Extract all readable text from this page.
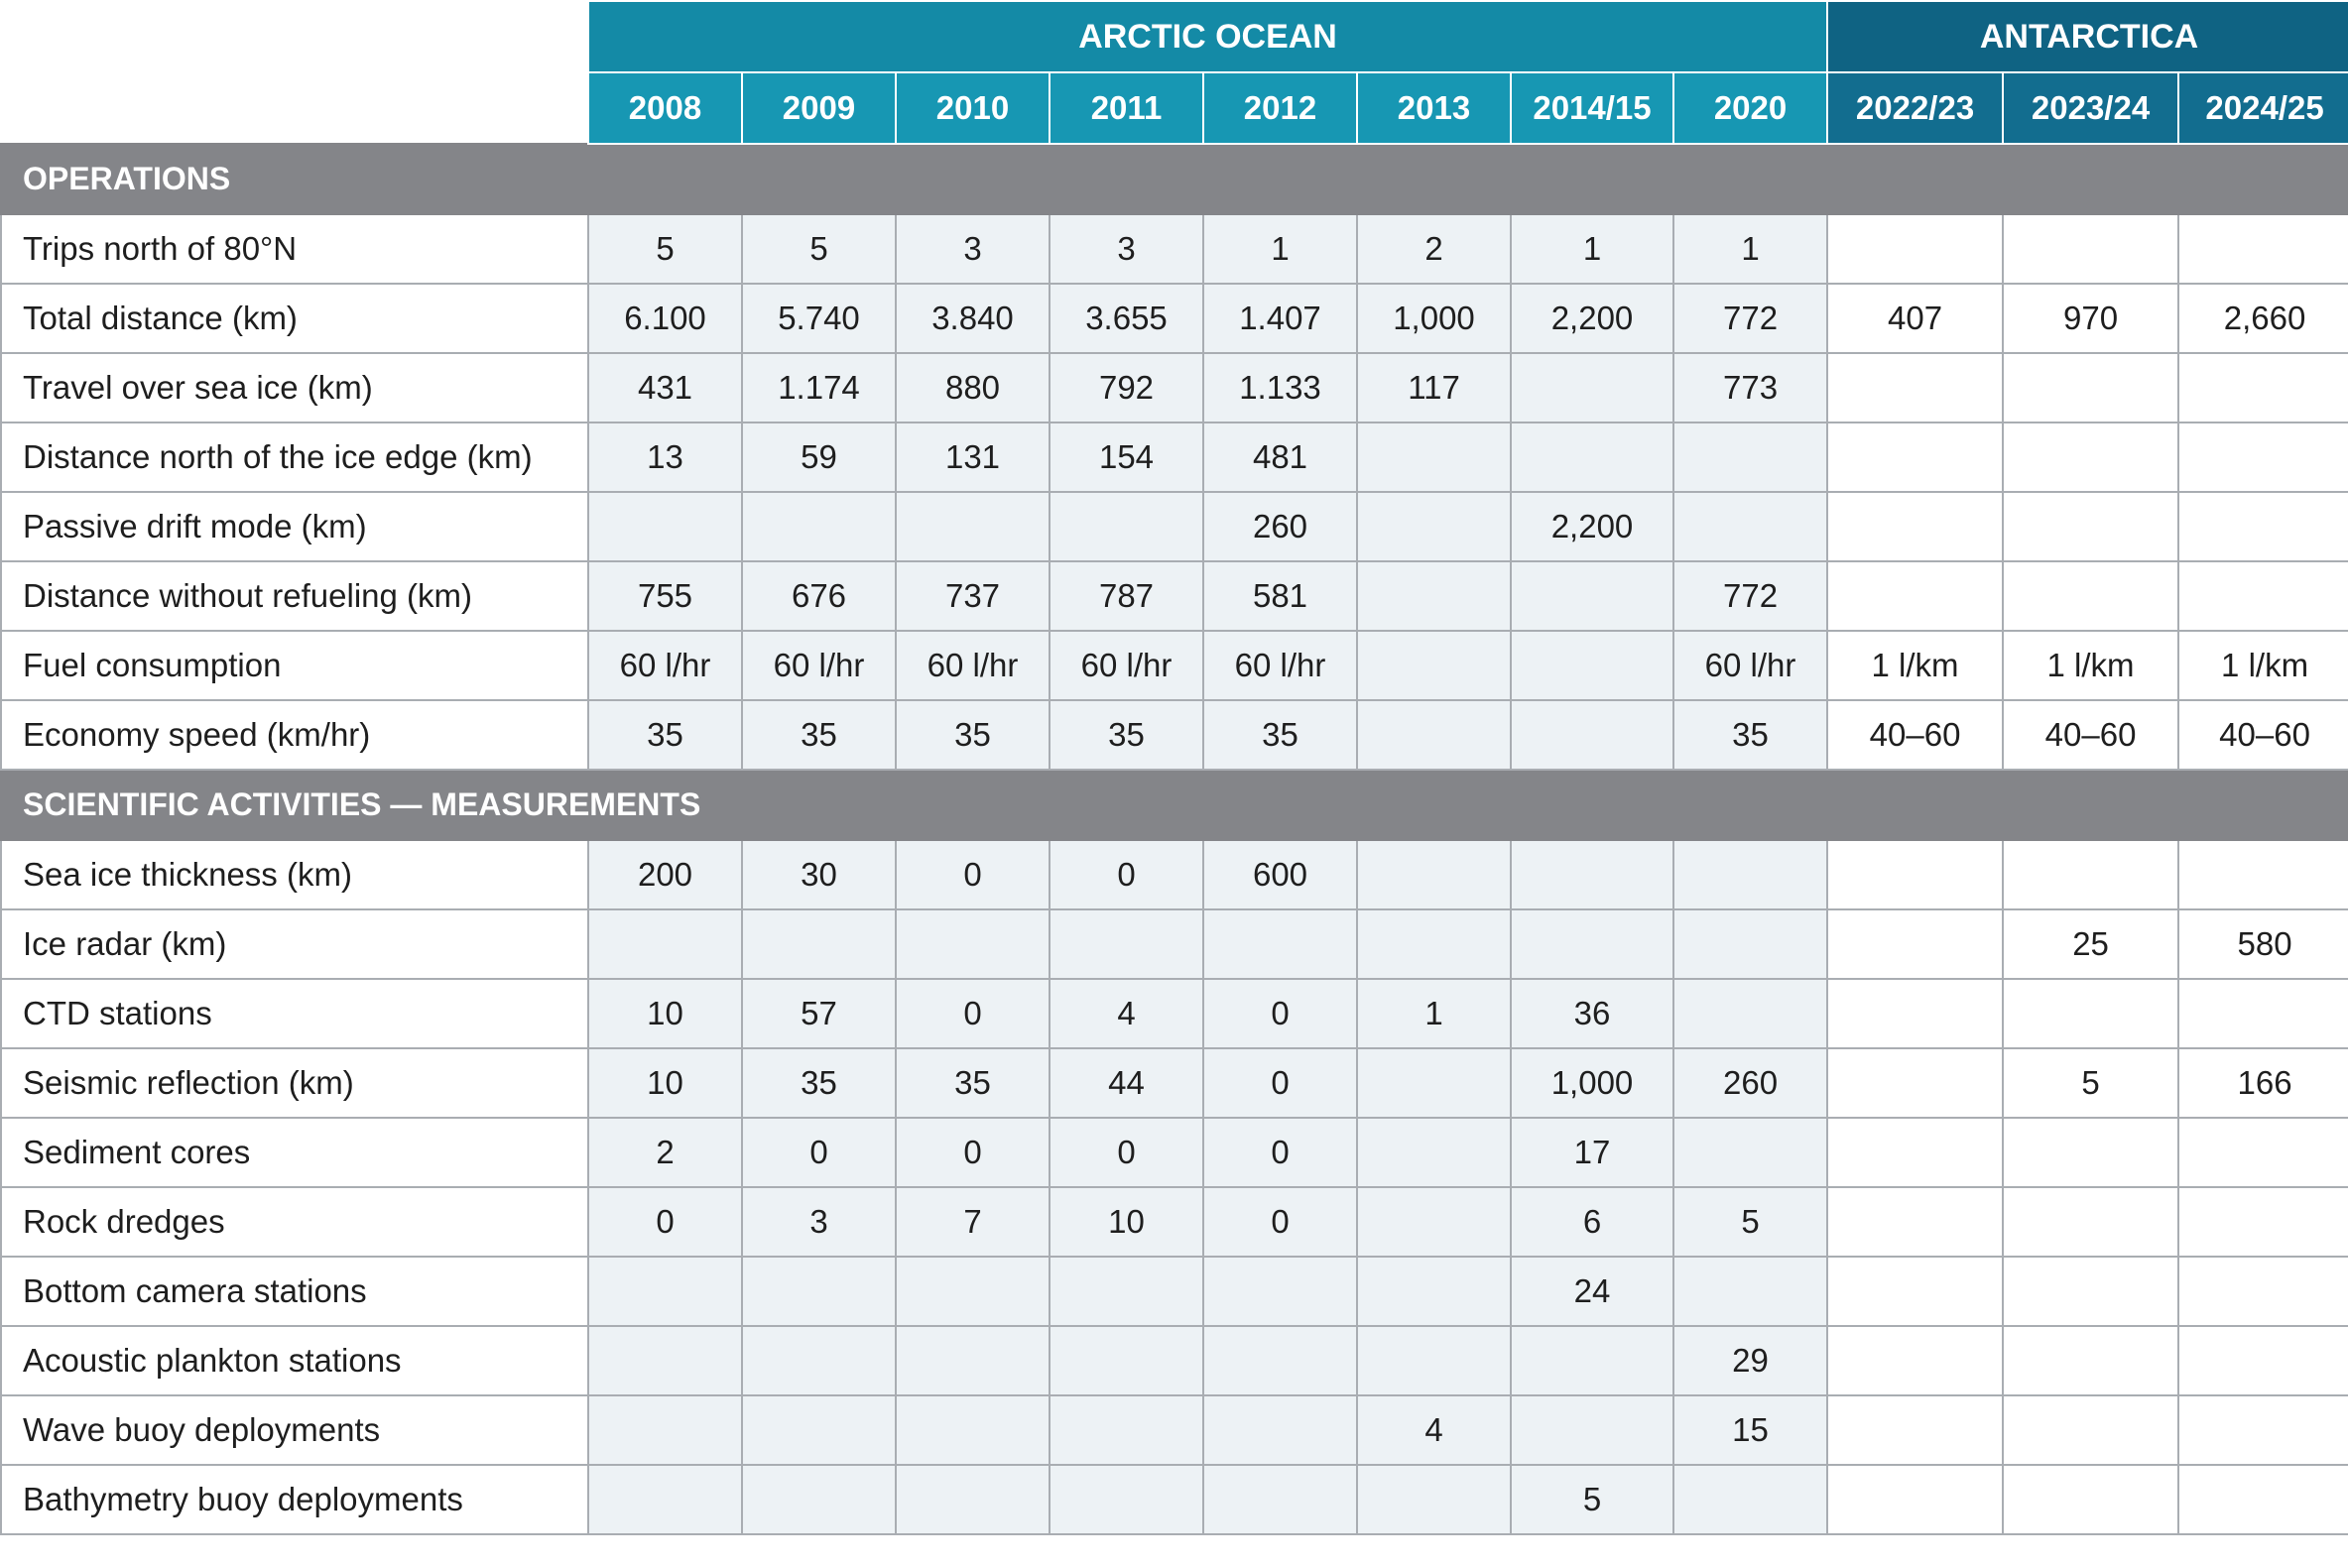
	ARCTIC OCEAN								ANTARCTICA		
	2008	2009	2010	2011	2012	2013	2014/15	2020	2022/23	2023/24	2024/25
OPERATIONS											
Trips north of 80°N	5	5	3	3	1	2	1	1			
Total distance (km)	6.100	5.740	3.840	3.655	1.407	1,000	2,200	772	407	970	2,660
Travel over sea ice (km)	431	1.174	880	792	1.133	117		773			
Distance north of the ice edge (km)	13	59	131	154	481						
Passive drift mode (km)					260		2,200				
Distance without refueling (km)	755	676	737	787	581			772			
Fuel consumption	60 l/hr	60 l/hr	60 l/hr	60 l/hr	60 l/hr			60 l/hr	1 l/km	1 l/km	1 l/km
Economy speed (km/hr)	35	35	35	35	35			35	40–60	40–60	40–60
SCIENTIFIC ACTIVITIES — MEASUREMENTS											
Sea ice thickness (km)	200	30	0	0	600						
Ice radar (km)										25	580
CTD stations	10	57	0	4	0	1	36				
Seismic reflection (km)	10	35	35	44	0		1,000	260		5	166
Sediment cores	2	0	0	0	0		17				
Rock dredges	0	3	7	10	0		6	5			
Bottom camera stations							24				
Acoustic plankton stations								29			
Wave buoy deployments						4		15			
Bathymetry buoy deployments							5				
